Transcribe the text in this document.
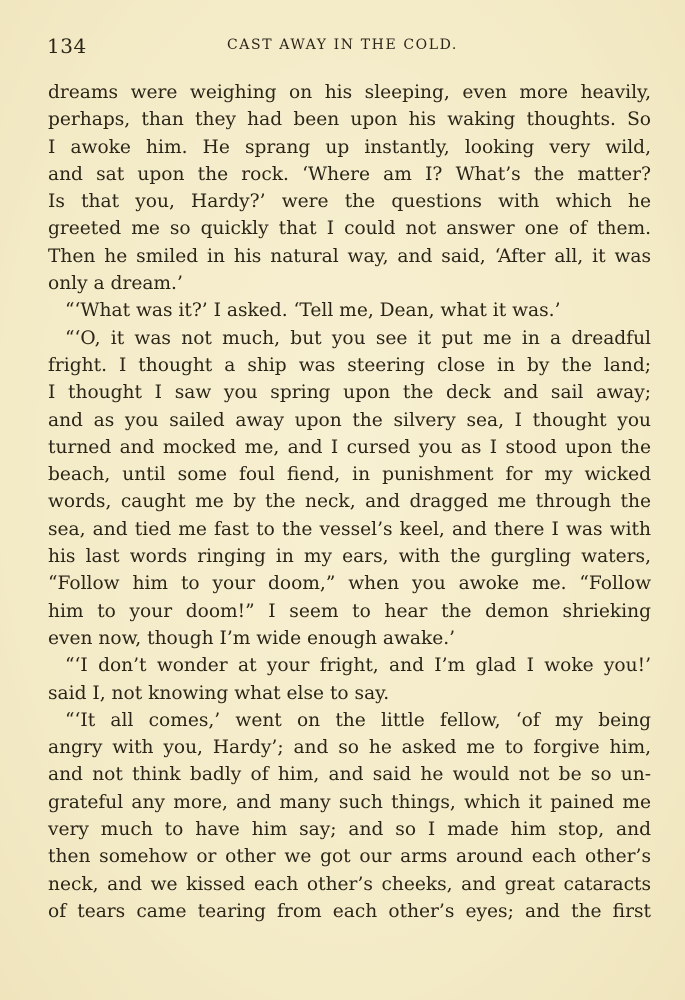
134	CAST AWAY IN THE COLD.
dreams were weighing on his sleeping, even more heavily,
perhaps, than they had been upon his waking thoughts. So
I awoke him. He sprang up instantly, looking very wild,
and sat upon the rock. ‘Where am I? What’s the matter?
Is that you, Hardy?’ were the questions with which he
greeted me so quickly that I could not answer one of them.
Then he smiled in his natural way, and said, ‘After all, it was
only a dream.’
“‘What was it?’ I asked. ‘Tell me, Dean, what it was.’
“‘O, it was not much, but you see it put me in a dreadful
fright. I thought a ship was steering close in by the land;
I thought I saw you spring upon the deck and sail away;
and as you sailed away upon the silvery sea, I thought you
turned and mocked me, and I cursed you as I stood upon the
beach, until some foul fiend, in punishment for my wicked
words, caught me by the neck, and dragged me through the
sea, and tied me fast to the vessel’s keel, and there I was with
his last words ringing in my ears, with the gurgling waters,
“Follow him to your doom,” when you awoke me. “Follow
him to your doom!” I seem to hear the demon shrieking
even now, though I’m wide enough awake.’
“‘I don’t wonder at your fright, and I’m glad I woke you!’
said I, not knowing what else to say.
“‘It all comes,’ went on the little fellow, ‘of my being
angry with you, Hardy’; and so he asked me to forgive him,
and not think badly of him, and said he would not be so un-
grateful any more, and many such things, which it pained me
very much to have him say; and so I made him stop, and
then somehow or other we got our arms around each other’s
neck, and we kissed each other’s cheeks, and great cataracts
of tears came tearing from each other’s eyes; and the first
